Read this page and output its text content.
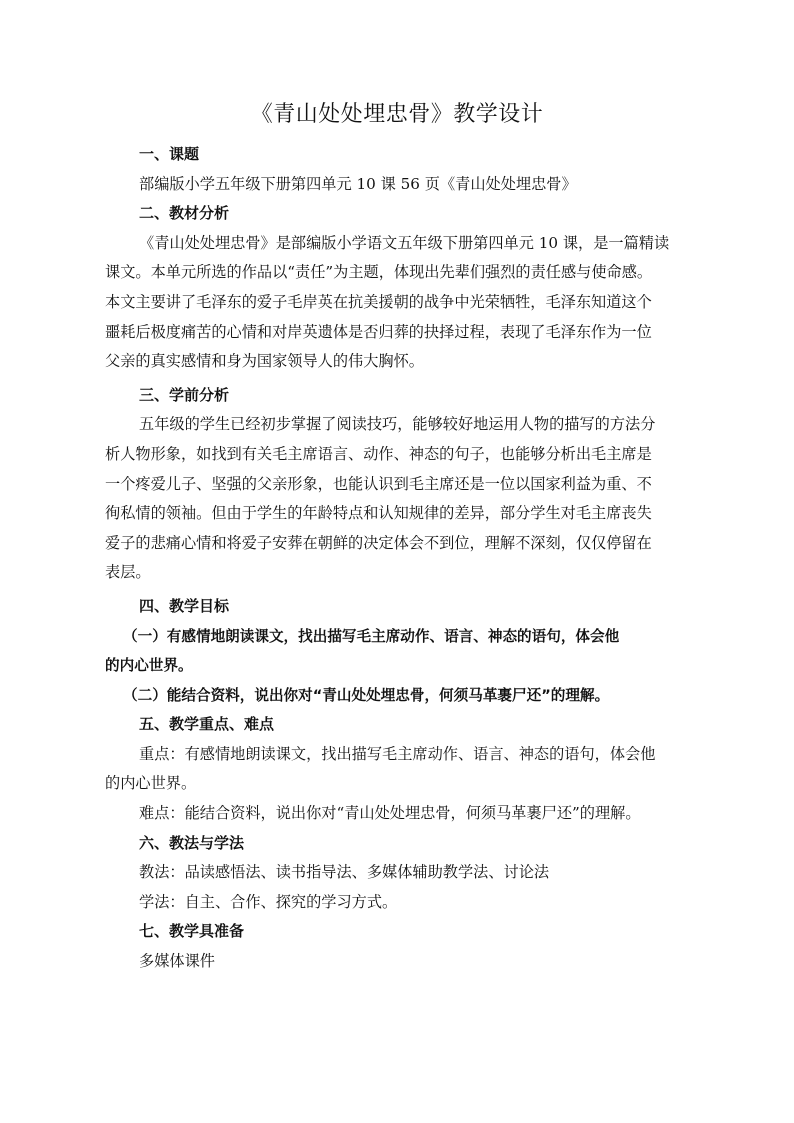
《青山处处埋忠骨》教学设计
一、课题
部编版小学五年级下册第四单元 10 课 56 页《青山处处埋忠骨》
二、教材分析
《青山处处埋忠骨》是部编版小学语文五年级下册第四单元 10 课，是一篇精读
课文。本单元所选的作品以“责任”为主题，体现出先辈们强烈的责任感与使命感。
本文主要讲了毛泽东的爱子毛岸英在抗美援朝的战争中光荣牺牲，毛泽东知道这个
噩耗后极度痛苦的心情和对岸英遗体是否归葬的抉择过程，表现了毛泽东作为一位
父亲的真实感情和身为国家领导人的伟大胸怀。
三、学前分析
五年级的学生已经初步掌握了阅读技巧，能够较好地运用人物的描写的方法分
析人物形象，如找到有关毛主席语言、动作、神态的句子，也能够分析出毛主席是
一个疼爱儿子、坚强的父亲形象，也能认识到毛主席还是一位以国家利益为重、不
徇私情的领袖。但由于学生的年龄特点和认知规律的差异，部分学生对毛主席丧失
爱子的悲痛心情和将爱子安葬在朝鲜的决定体会不到位，理解不深刻，仅仅停留在
表层。
四、教学目标
（一）有感情地朗读课文，找出描写毛主席动作、语言、神态的语句，体会他
的内心世界。
（二）能结合资料，说出你对“青山处处埋忠骨，何须马革裹尸还”的理解。
五、教学重点、难点
重点：有感情地朗读课文，找出描写毛主席动作、语言、神态的语句，体会他
的内心世界。
难点：能结合资料，说出你对“青山处处埋忠骨，何须马革裹尸还”的理解。
六、教法与学法
教法：品读感悟法、读书指导法、多媒体辅助教学法、讨论法
学法：自主、合作、探究的学习方式。
七、教学具准备
多媒体课件
